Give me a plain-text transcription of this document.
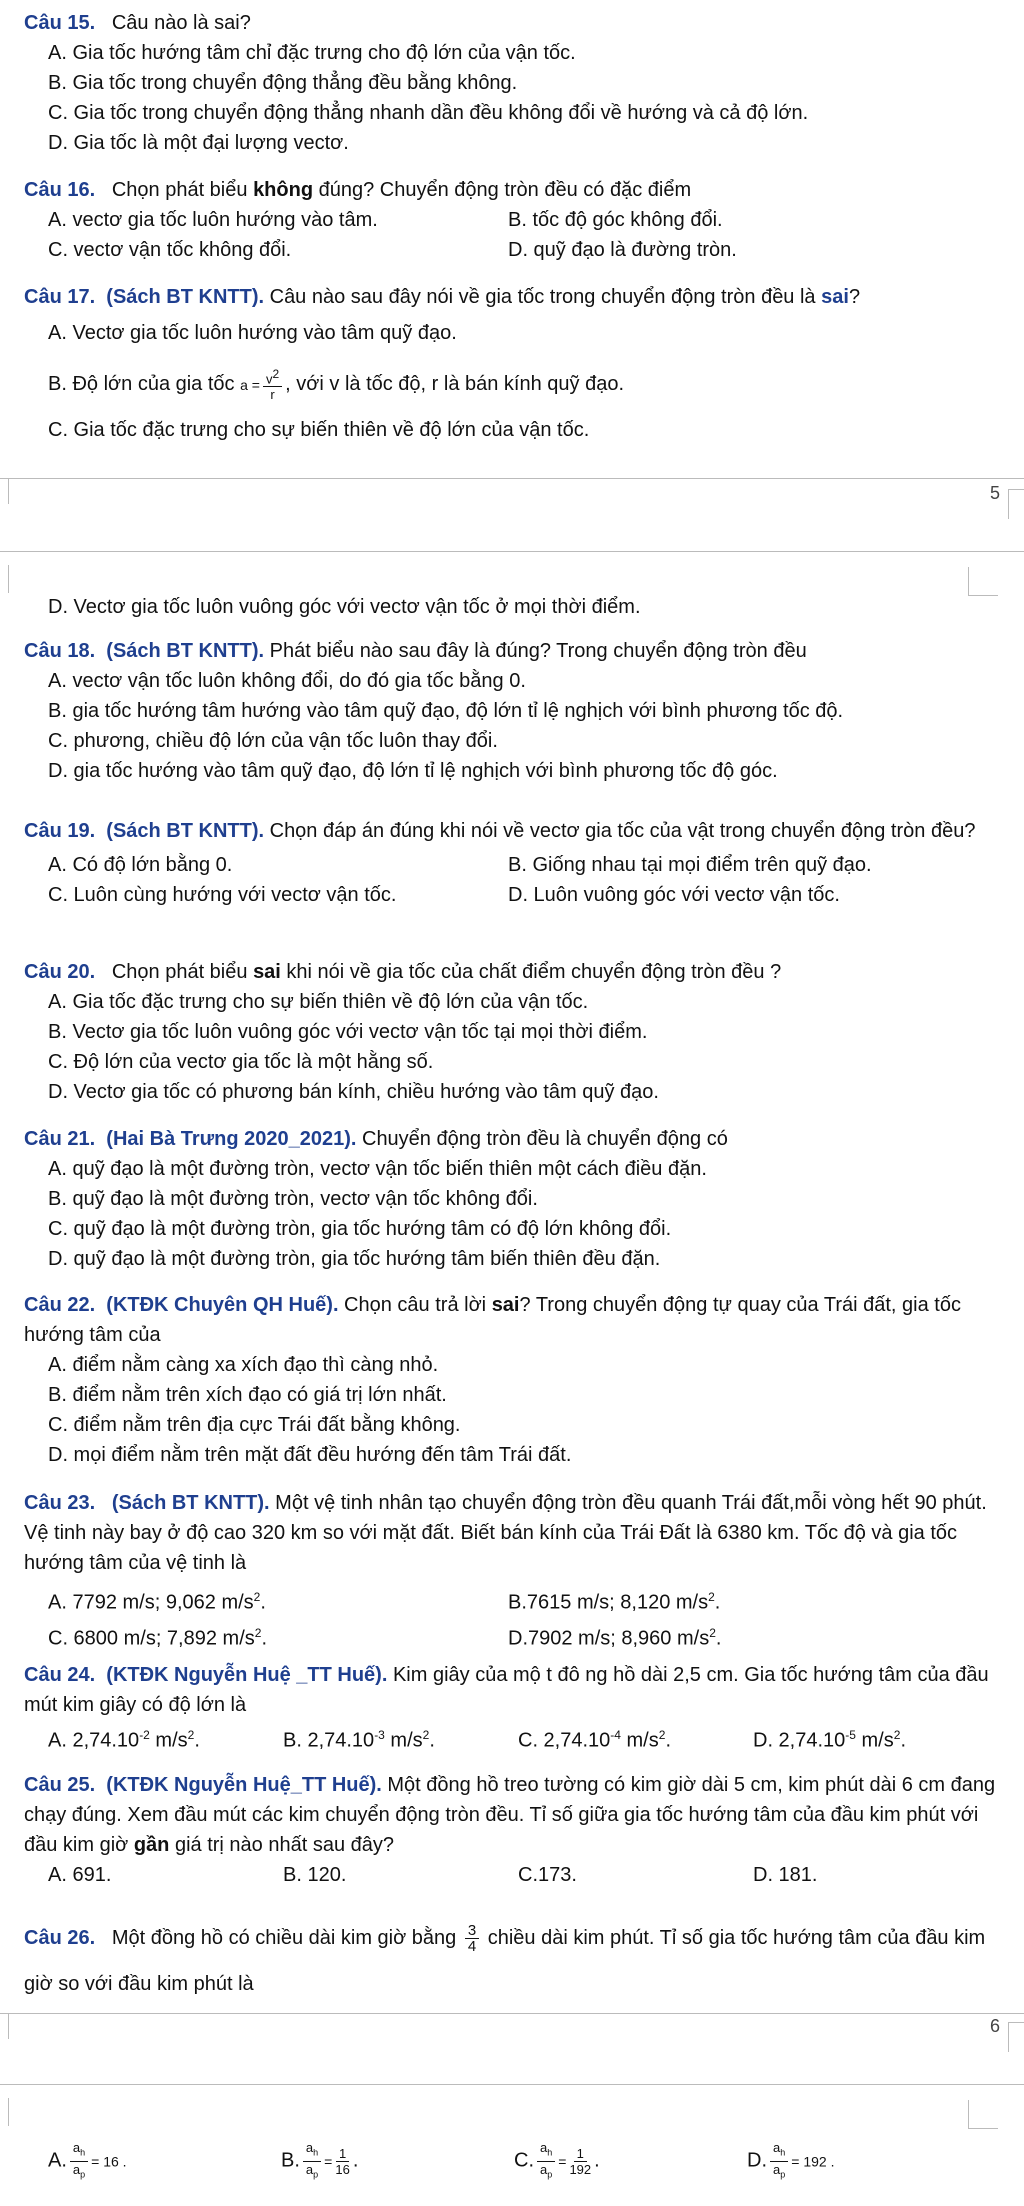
Câu 15. Câu nào là sai?
A. Gia tốc hướng tâm chỉ đặc trưng cho độ lớn của vận tốc.
B. Gia tốc trong chuyển động thẳng đều bằng không.
C. Gia tốc trong chuyển động thẳng nhanh dần đều không đổi về hướng và cả độ lớn.
D. Gia tốc là một đại lượng vectơ.
Câu 16. Chọn phát biểu không đúng? Chuyển động tròn đều có đặc điểm
A. vectơ gia tốc luôn hướng vào tâm.	B. tốc độ góc không đổi.
C. vectơ vận tốc không đổi.	D. quỹ đạo là đường tròn.
Câu 17. (Sách BT KNTT). Câu nào sau đây nói về gia tốc trong chuyển động tròn đều là sai?
A. Vectơ gia tốc luôn hướng vào tâm quỹ đạo.
B. Độ lớn của gia tốc $a = \frac{v^2}{r}$ , với v là tốc độ, r là bán kính quỹ đạo.
C. Gia tốc đặc trưng cho sự biến thiên về độ lớn của vận tốc.
5
D. Vectơ gia tốc luôn vuông góc với vectơ vận tốc ở mọi thời điểm.
Câu 18. (Sách BT KNTT). Phát biểu nào sau đây là đúng? Trong chuyển động tròn đều
A. vectơ vận tốc luôn không đổi, do đó gia tốc bằng 0.
B. gia tốc hướng tâm hướng vào tâm quỹ đạo, độ lớn tỉ lệ nghịch với bình phương tốc độ.
C. phương, chiều độ lớn của vận tốc luôn thay đổi.
D. gia tốc hướng vào tâm quỹ đạo, độ lớn tỉ lệ nghịch với bình phương tốc độ góc.
Câu 19. (Sách BT KNTT). Chọn đáp án đúng khi nói về vectơ gia tốc của vật trong chuyển động tròn đều?
A. Có độ lớn bằng 0.	B. Giống nhau tại mọi điểm trên quỹ đạo.
C. Luôn cùng hướng với vectơ vận tốc.	D. Luôn vuông góc với vectơ vận tốc.
Câu 20. Chọn phát biểu sai khi nói về gia tốc của chất điểm chuyển động tròn đều ?
A. Gia tốc đặc trưng cho sự biến thiên về độ lớn của vận tốc.
B. Vectơ gia tốc luôn vuông góc với vectơ vận tốc tại mọi thời điểm.
C. Độ lớn của vectơ gia tốc là một hằng số.
D. Vectơ gia tốc có phương bán kính, chiều hướng vào tâm quỹ đạo.
Câu 21. (Hai Bà Trưng 2020_2021). Chuyển động tròn đều là chuyển động có
A. quỹ đạo là một đường tròn, vectơ vận tốc biến thiên một cách điều đặn.
B. quỹ đạo là một đường tròn, vectơ vận tốc không đổi.
C. quỹ đạo là một đường tròn, gia tốc hướng tâm có độ lớn không đổi.
D. quỹ đạo là một đường tròn, gia tốc hướng tâm biến thiên đều đặn.
Câu 22. (KTĐK Chuyên QH Huế). Chọn câu trả lời sai? Trong chuyển động tự quay của Trái đất, gia tốc hướng tâm của
A. điểm nằm càng xa xích đạo thì càng nhỏ.
B. điểm nằm trên xích đạo có giá trị lớn nhất.
C. điểm nằm trên địa cực Trái đất bằng không.
D. mọi điểm nằm trên mặt đất đều hướng đến tâm Trái đất.
Câu 23. (Sách BT KNTT). Một vệ tinh nhân tạo chuyển động tròn đều quanh Trái đất,mỗi vòng hết 90 phút. Vệ tinh này bay ở độ cao 320 km so với mặt đất. Biết bán kính của Trái Đất là 6380 km. Tốc độ và gia tốc hướng tâm của vệ tinh là
A. 7792 m/s; 9,062 $m/s^2$.	B.7615 m/s; 8,120 $m/s^2$.
C. 6800 m/s; 7,892 $m/s^2$.	D.7902 m/s; 8,960 $m/s^2$.
Câu 24. (KTĐK Nguyễn Huệ _TT Huế). Kim giây của mộ t đô ng hồ dài 2,5 cm. Gia tốc hướng tâm của đầu mút kim giây có độ lớn là
A. $2,74.10^{-2}$ $m/s^2$.	B. $2,74.10^{-3}$ $m/s^2$.	C. $2,74.10^{-4}$ $m/s^2$.	D. $2,74.10^{-5}$ $m/s^2$.
Câu 25. (KTĐK Nguyễn Huệ_TT Huế). Một đồng hồ treo tường có kim giờ dài 5 cm, kim phút dài 6 cm đang chạy đúng. Xem đầu mút các kim chuyển động tròn đều. Tỉ số giữa gia tốc hướng tâm của đầu kim phút với đầu kim giờ gần giá trị nào nhất sau đây?
A. 691.	B. 120.	C.173.	D. 181.
Câu 26. Một đồng hồ có chiều dài kim giờ bằng $\frac{3}{4}$ chiều dài kim phút. Tỉ số gia tốc hướng tâm của đầu kim giờ so với đầu kim phút là
6
A. $\frac{a_h}{a_p} = 16$ .	B. $\frac{a_h}{a_p} = \frac{1}{16}$ .	C. $\frac{a_h}{a_p} = \frac{1}{192}$ .	D. $\frac{a_h}{a_p} = 192$ .
